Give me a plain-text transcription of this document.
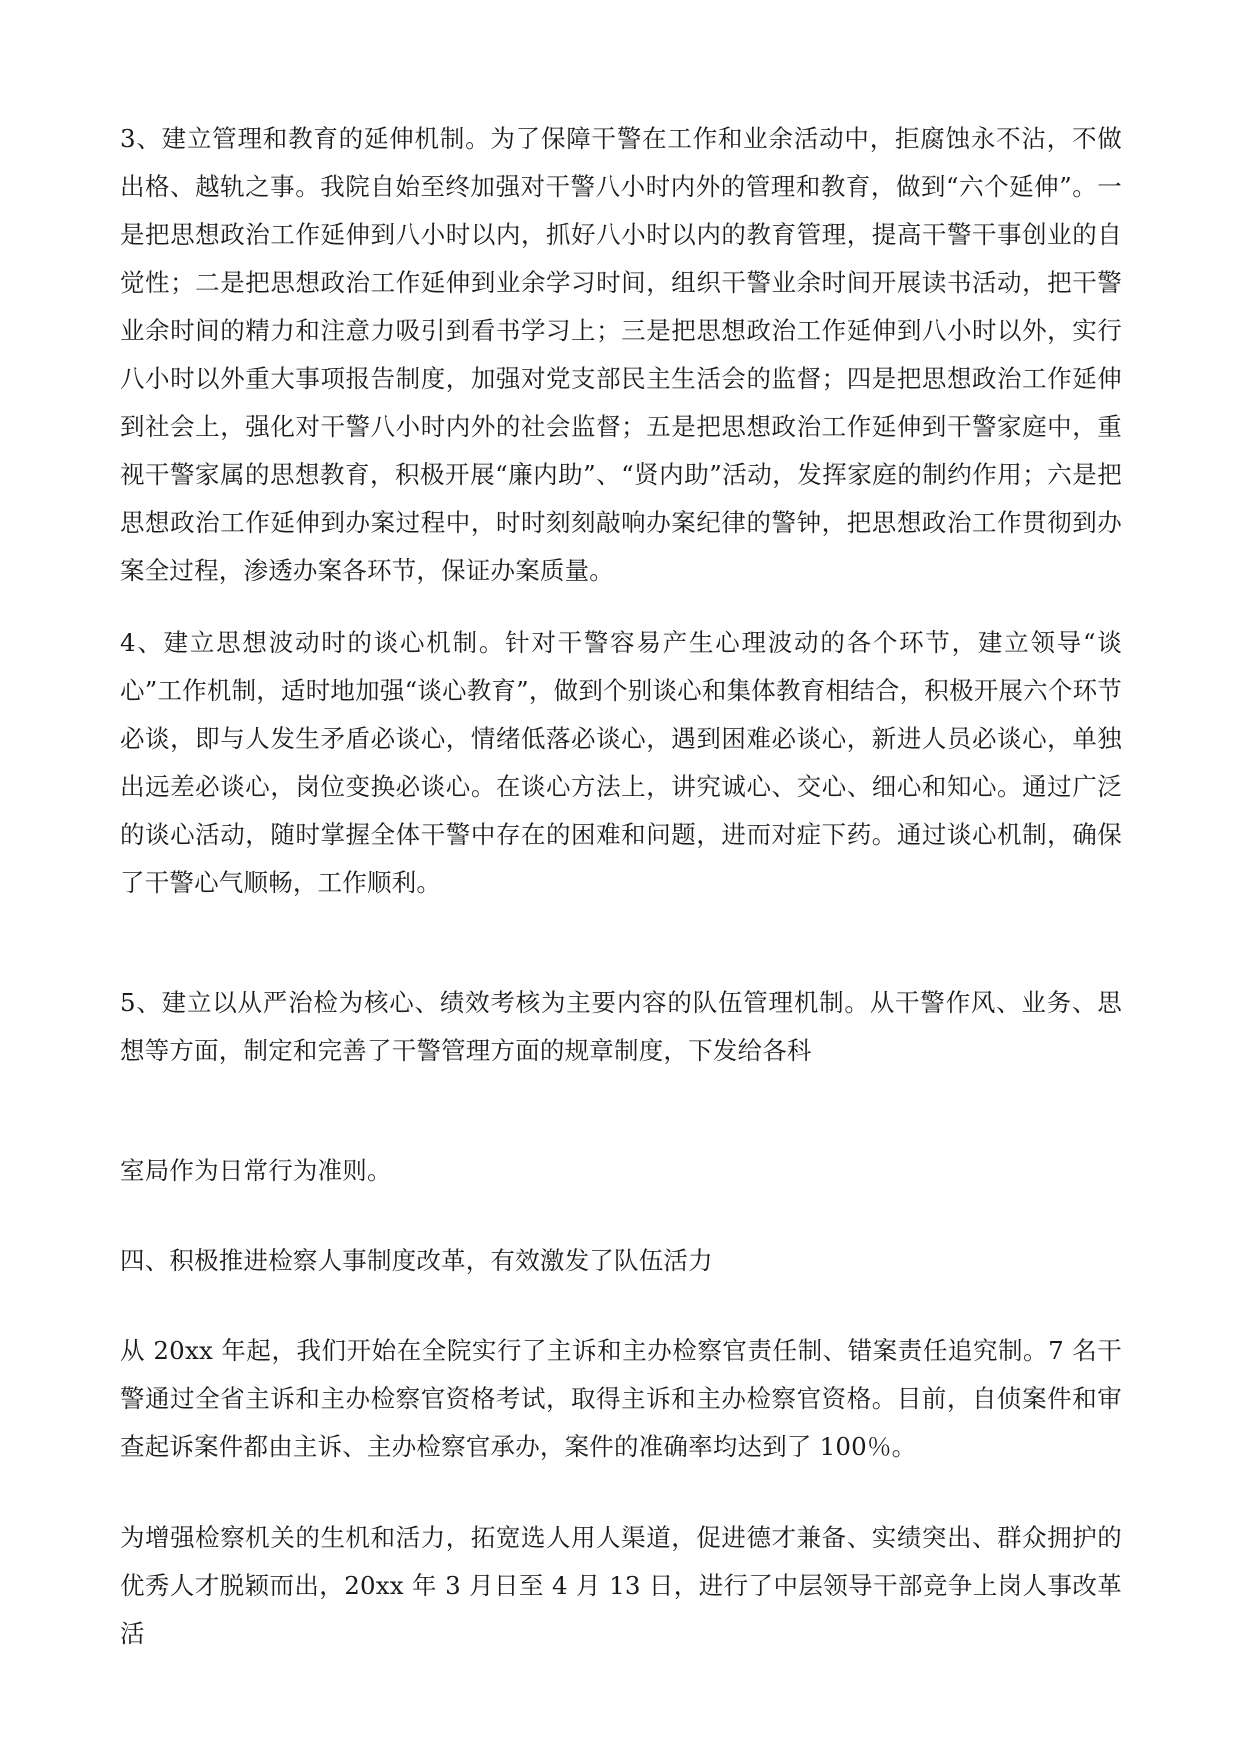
3、建立管理和教育的延伸机制。为了保障干警在工作和业余活动中，拒腐蚀永不沾，不做出格、越轨之事。我院自始至终加强对干警八小时内外的管理和教育，做到“六个延伸”。一是把思想政治工作延伸到八小时以内，抓好八小时以内的教育管理，提高干警干事创业的自觉性；二是把思想政治工作延伸到业余学习时间，组织干警业余时间开展读书活动，把干警业余时间的精力和注意力吸引到看书学习上；三是把思想政治工作延伸到八小时以外，实行八小时以外重大事项报告制度，加强对党支部民主生活会的监督；四是把思想政治工作延伸到社会上，强化对干警八小时内外的社会监督；五是把思想政治工作延伸到干警家庭中，重视干警家属的思想教育，积极开展“廉内助”、“贤内助”活动，发挥家庭的制约作用；六是把思想政治工作延伸到办案过程中，时时刻刻敲响办案纪律的警钟，把思想政治工作贯彻到办案全过程，渗透办案各环节，保证办案质量。

4、建立思想波动时的谈心机制。针对干警容易产生心理波动的各个环节，建立领导“谈心”工作机制，适时地加强“谈心教育”，做到个别谈心和集体教育相结合，积极开展六个环节必谈，即与人发生矛盾必谈心，情绪低落必谈心，遇到困难必谈心，新进人员必谈心，单独出远差必谈心，岗位变换必谈心。在谈心方法上，讲究诚心、交心、细心和知心。通过广泛的谈心活动，随时掌握全体干警中存在的困难和问题，进而对症下药。通过谈心机制，确保了干警心气顺畅，工作顺利。

5、建立以从严治检为核心、绩效考核为主要内容的队伍管理机制。从干警作风、业务、思想等方面，制定和完善了干警管理方面的规章制度，下发给各科

室局作为日常行为准则。

四、积极推进检察人事制度改革，有效激发了队伍活力

从 20xx 年起，我们开始在全院实行了主诉和主办检察官责任制、错案责任追究制。7 名干警通过全省主诉和主办检察官资格考试，取得主诉和主办检察官资格。目前，自侦案件和审查起诉案件都由主诉、主办检察官承办，案件的准确率均达到了 100％。

为增强检察机关的生机和活力，拓宽选人用人渠道，促进德才兼备、实绩突出、群众拥护的优秀人才脱颖而出，20xx 年 3 月日至 4 月 13 日，进行了中层领导干部竞争上岗人事改革活
